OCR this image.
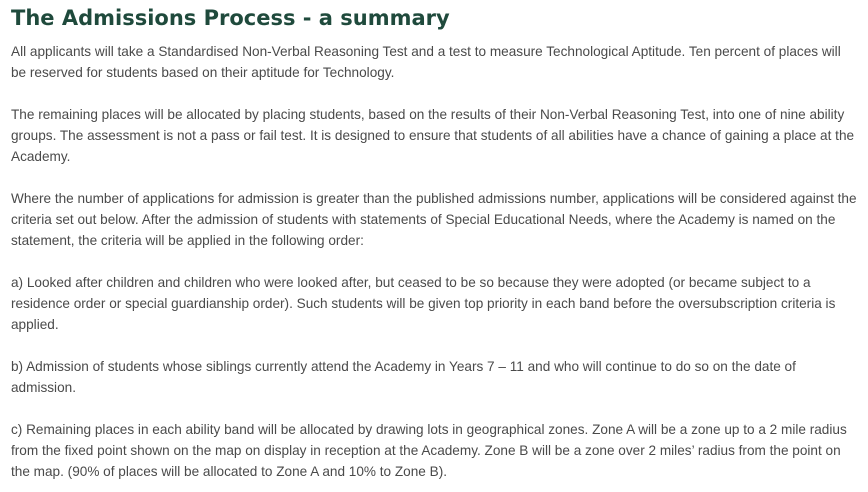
The Admissions Process - a summary

All applicants will take a Standardised Non-Verbal Reasoning Test and a test to measure Technological Aptitude. Ten percent of places will be reserved for students based on their aptitude for Technology.

The remaining places will be allocated by placing students, based on the results of their Non-Verbal Reasoning Test, into one of nine ability groups. The assessment is not a pass or fail test. It is designed to ensure that students of all abilities have a chance of gaining a place at the Academy.

Where the number of applications for admission is greater than the published admissions number, applications will be considered against the criteria set out below. After the admission of students with statements of Special Educational Needs, where the Academy is named on the statement, the criteria will be applied in the following order:

a) Looked after children and children who were looked after, but ceased to be so because they were adopted (or became subject to a residence order or special guardianship order). Such students will be given top priority in each band before the oversubscription criteria is applied.

b) Admission of students whose siblings currently attend the Academy in Years 7 – 11 and who will continue to do so on the date of admission.

c) Remaining places in each ability band will be allocated by drawing lots in geographical zones. Zone A will be a zone up to a 2 mile radius from the fixed point shown on the map on display in reception at the Academy. Zone B will be a zone over 2 miles’ radius from the point on the map. (90% of places will be allocated to Zone A and 10% to Zone B).
